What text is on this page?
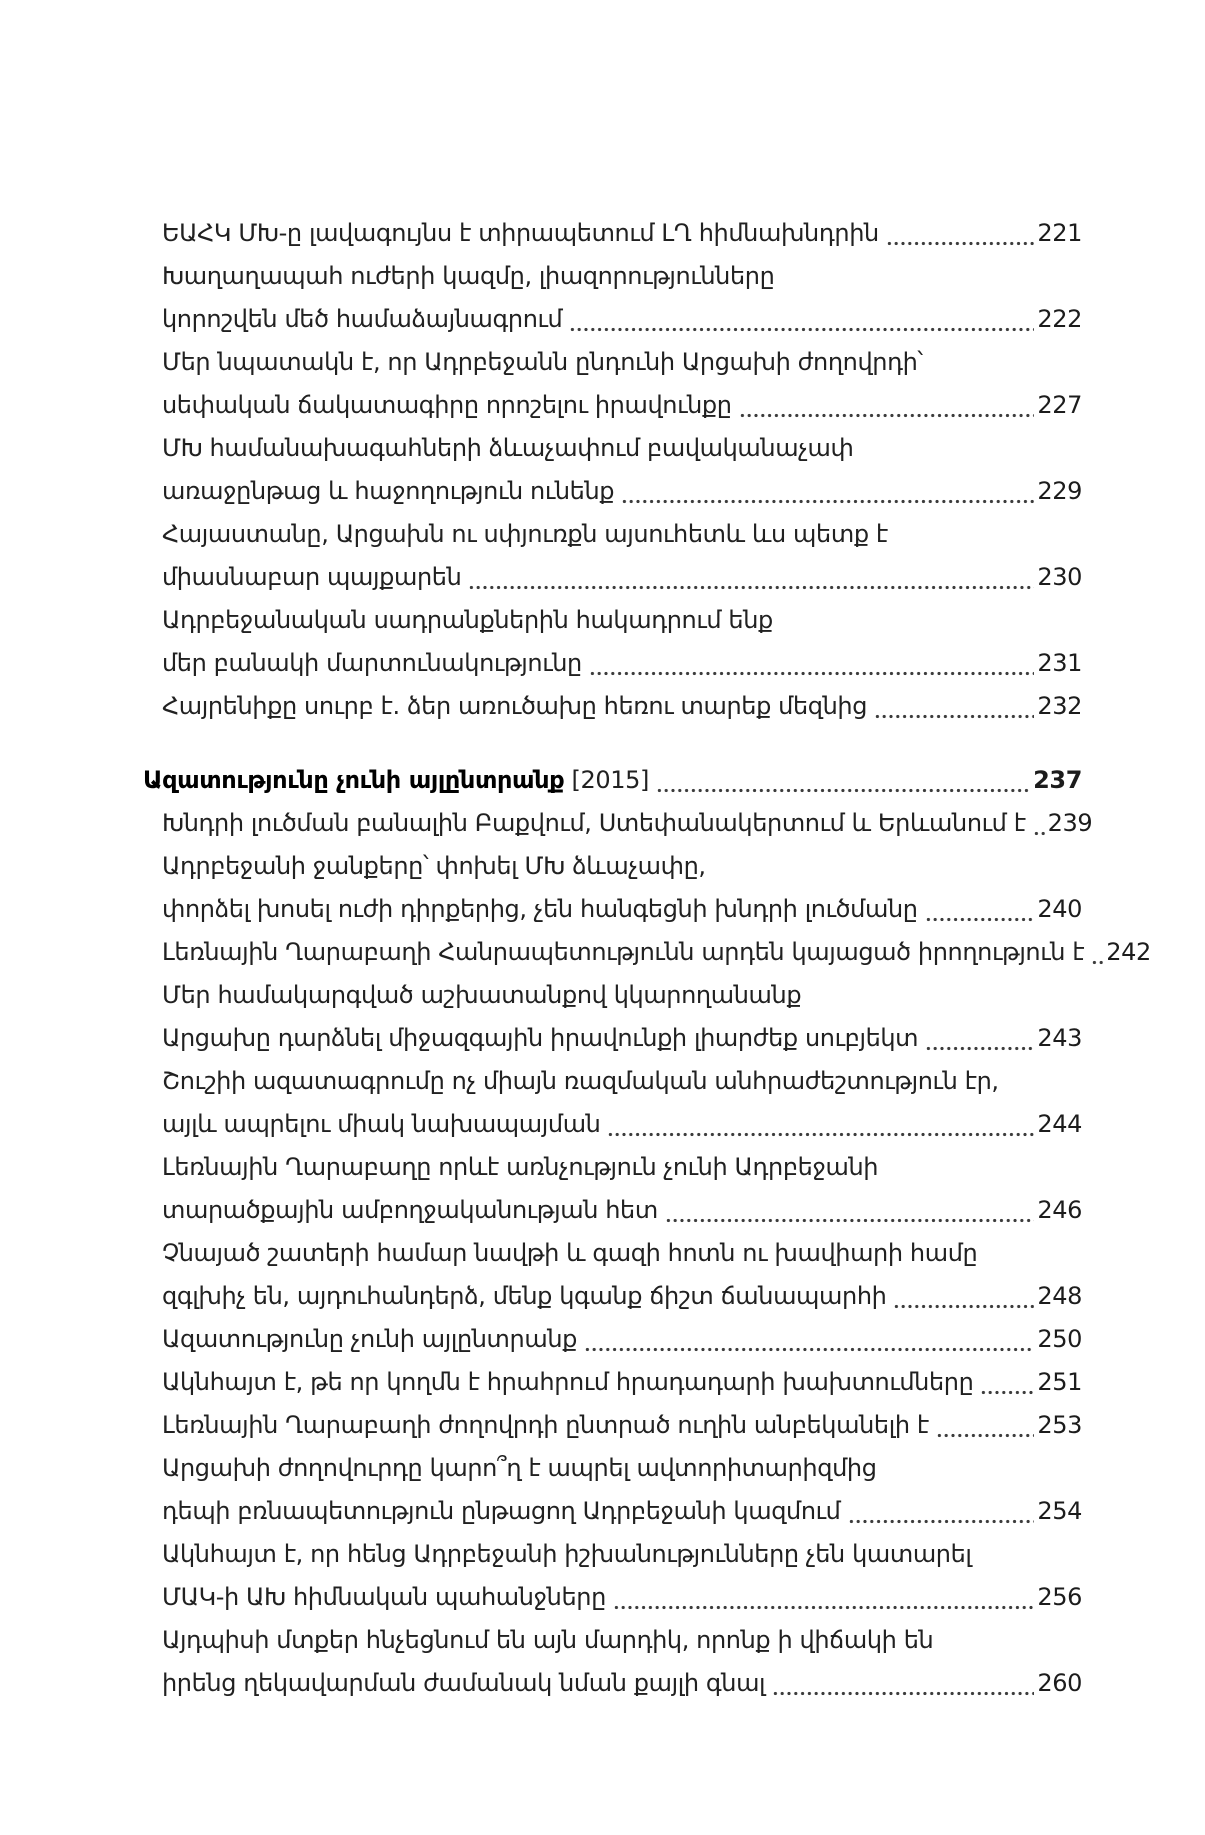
ԵԱՀԿ ՄԽ-ը լավագույնս է տիրապետում ԼՂ հիմնախնդրին	221
Խաղաղապահ ուժերի կազմը, լիազորությունները
կորոշվեն մեծ համաձայնագրում	222
Մեր նպատակն է, որ Ադրբեջանն ընդունի Արցախի ժողովրդի՝
սեփական ճակատագիրը որոշելու իրավունքը	227
ՄԽ համանախագահների ձևաչափում բավականաչափ
առաջընթաց և հաջողություն ունենք	229
Հայաստանը, Արցախն ու սփյուռքն այսուհետև ևս պետք է
միասնաբար պայքարեն	230
Ադրբեջանական սադրանքներին հակադրում ենք
մեր բանակի մարտունակությունը	231
Հայրենիքը սուրբ է. ձեր առուծախը հեռու տարեք մեզնից	232
Ազատությունը չունի այլընտրանք [2015]	237
Խնդրի լուծման բանալին Բաքվում, Ստեփանակերտում և Երևանում է 239
Ադրբեջանի ջանքերը՝ փոխել ՄԽ ձևաչափը,
փորձել խոսել ուժի դիրքերից, չեն հանգեցնի խնդրի լուծմանը	240
Լեռնային Ղարաբաղի Հանրապետությունն արդեն կայացած իրողություն է 242
Մեր համակարգված աշխատանքով կկարողանանք
Արցախը դարձնել միջազգային իրավունքի լիարժեք սուբյեկտ	243
Շուշիի ազատագրումը ոչ միայն ռազմական անհրաժեշտություն էր,
այլև ապրելու միակ նախապայման	244
Լեռնային Ղարաբաղը որևէ առնչություն չունի Ադրբեջանի
տարածքային ամբողջականության հետ	246
Չնայած շատերի համար նավթի և գազի հոտն ու խավիարի համը
զգլխիչ են, այդուհանդերձ, մենք կգանք ճիշտ ճանապարհի	248
Ազատությունը չունի այլընտրանք	250
Ակնհայտ է, թե որ կողմն է հրահրում հրադադարի խախտումները	251
Լեռնային Ղարաբաղի ժողովրդի ընտրած ուղին անբեկանելի է	253
Արցախի ժողովուրդը կարո՞ղ է ապրել ավտորիտարիզմից
դեպի բռնապետություն ընթացող Ադրբեջանի կազմում	254
Ակնհայտ է, որ հենց Ադրբեջանի իշխանությունները չեն կատարել
ՄԱԿ-ի ԱԽ հիմնական պահանջները	256
Այդպիսի մտքեր հնչեցնում են այն մարդիկ, որոնք ի վիճակի են
իրենց ղեկավարման ժամանակ նման քայլի գնալ	260
